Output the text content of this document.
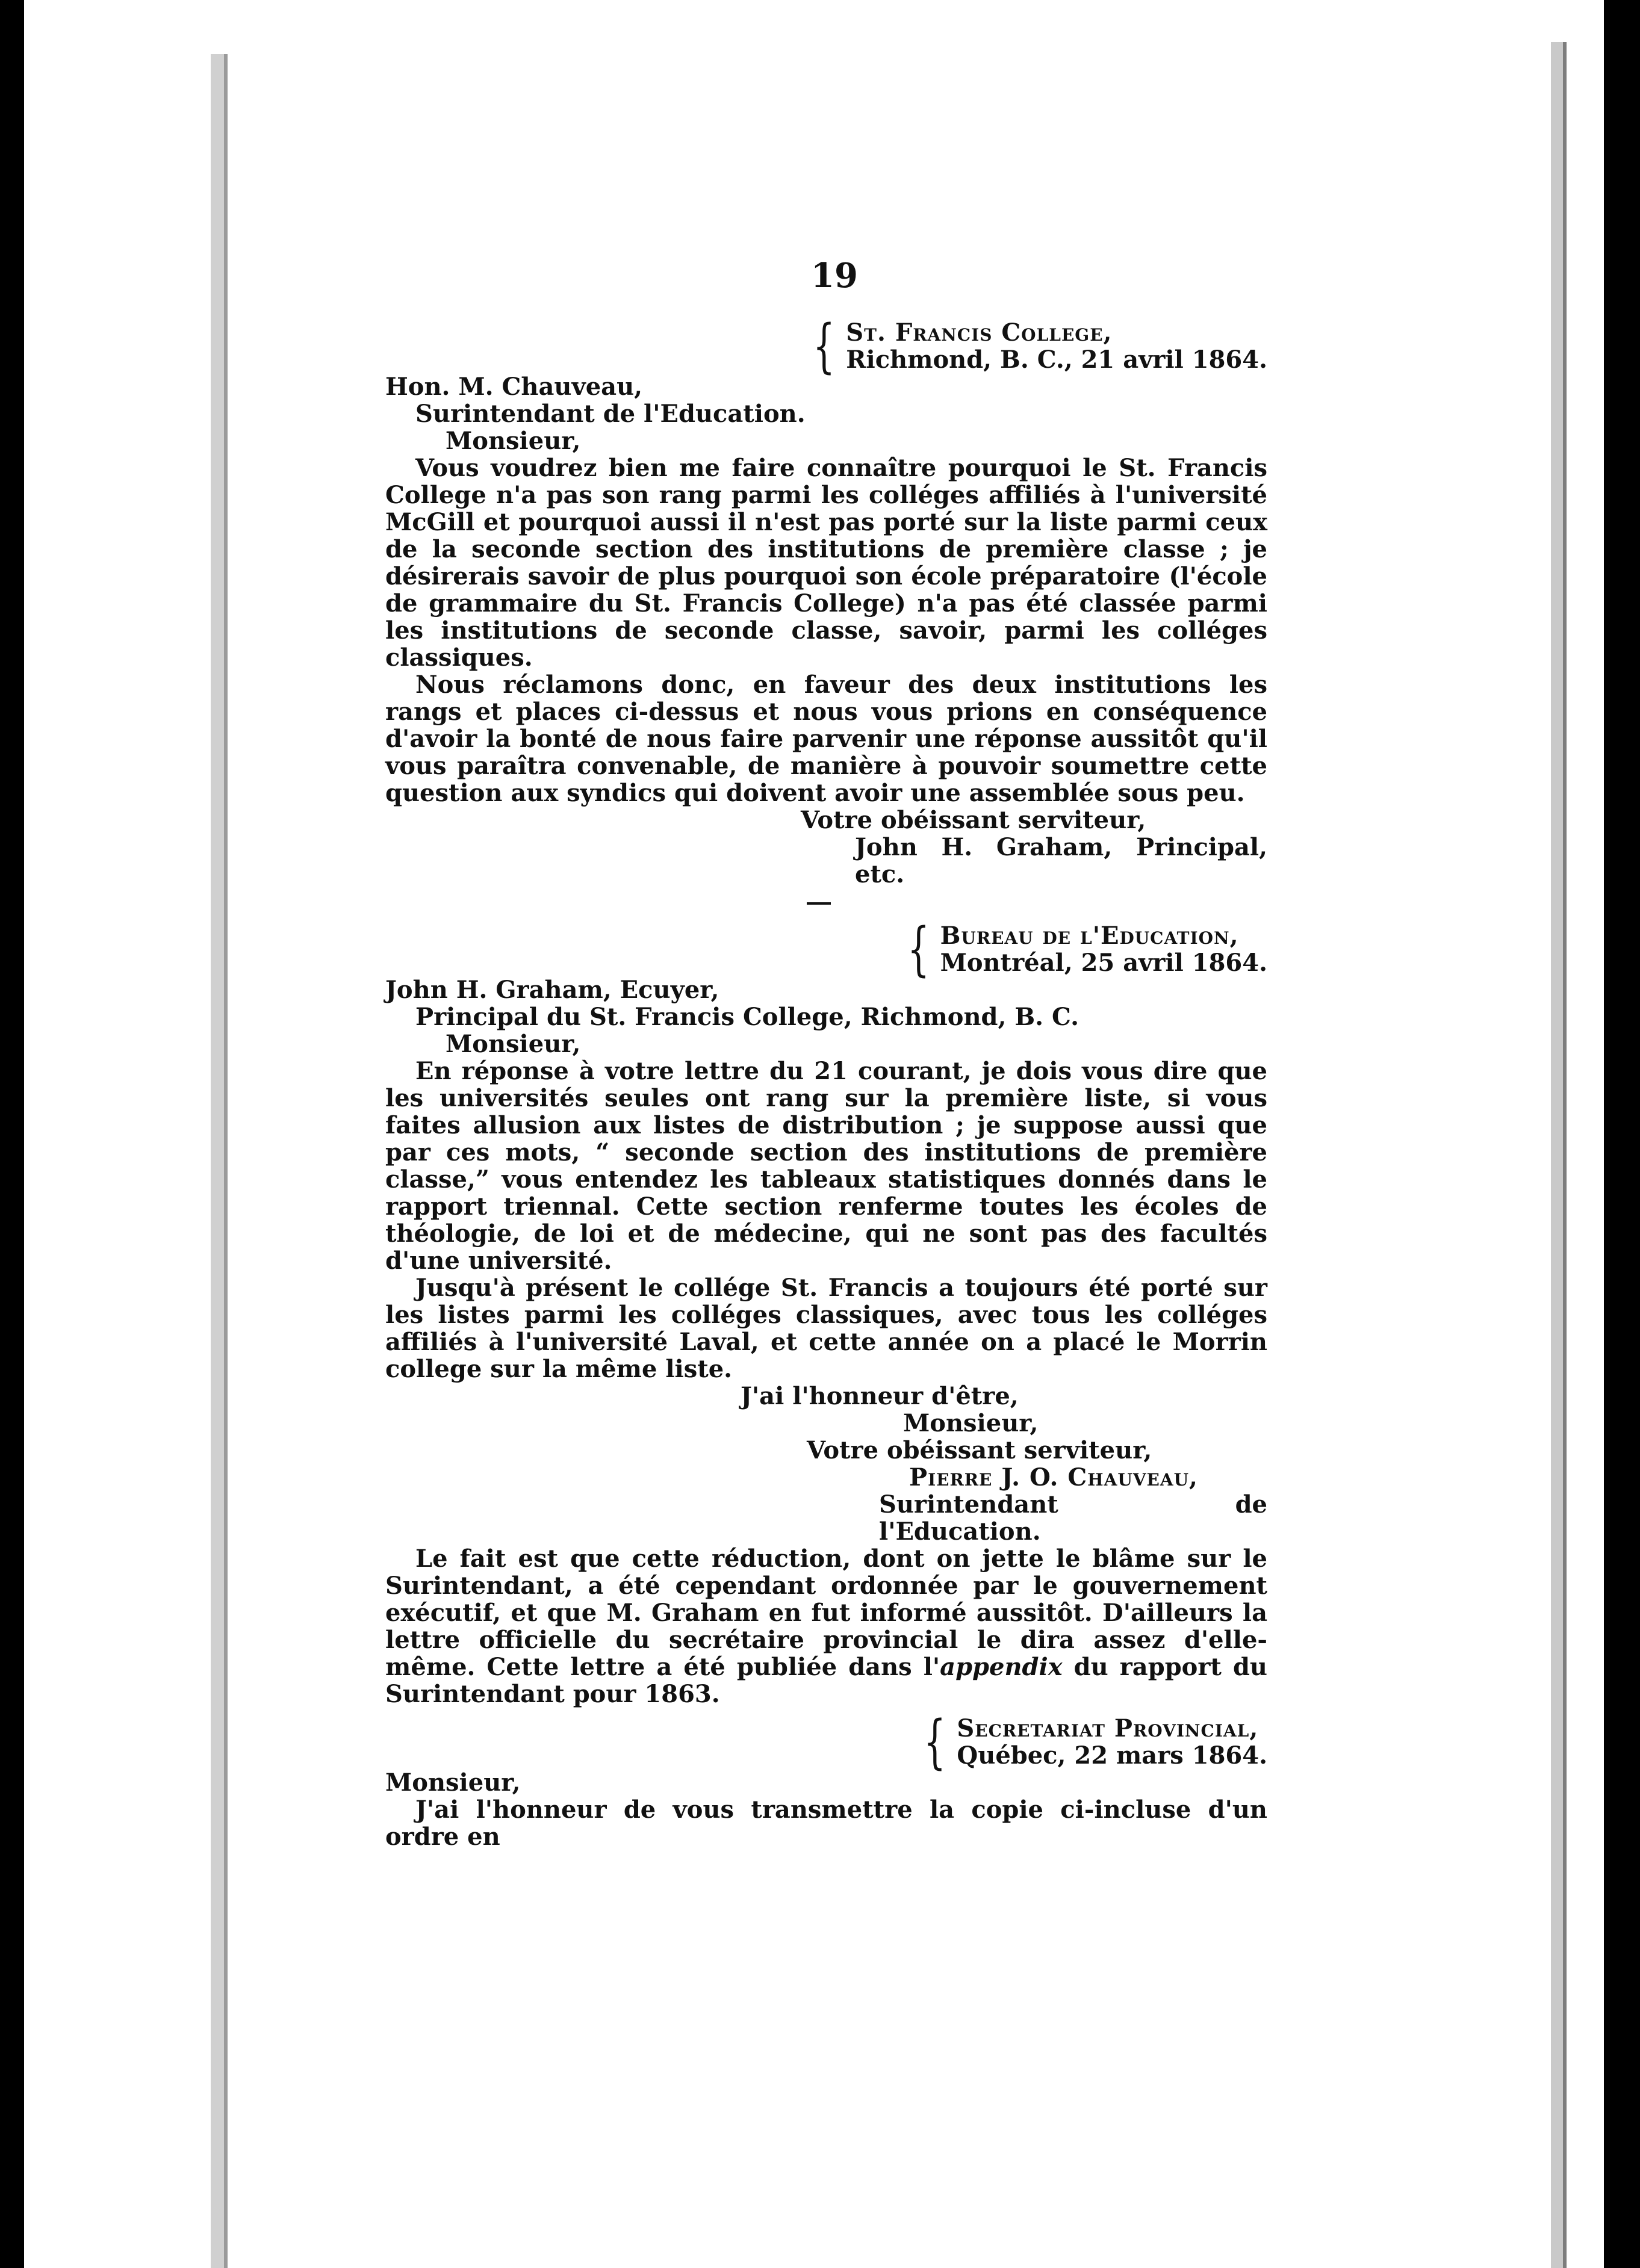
19
{ St. Francis College,
Richmond, B. C., 21 avril 1864.
Hon. M. Chauveau,
Surintendant de l'Education.
Monsieur,

Vous voudrez bien me faire connaître pourquoi le St. Francis College n'a pas son rang parmi les colléges affiliés à l'université McGill et pourquoi aussi il n'est pas porté sur la liste parmi ceux de la seconde section des institutions de première classe ; je désirerais savoir de plus pourquoi son école préparatoire (l'école de grammaire du St. Francis College) n'a pas été classée parmi les institutions de seconde classe, savoir, parmi les colléges classiques.

Nous réclamons donc, en faveur des deux institutions les rangs et places ci-dessus et nous vous prions en conséquence d'avoir la bonté de nous faire parvenir une réponse aussitôt qu'il vous paraîtra convenable, de manière à pouvoir soumettre cette question aux syndics qui doivent avoir une assemblée sous peu.

Votre obéissant serviteur,
John H. Graham, Principal, etc.
{ Bureau de l'Education,
Montréal, 25 avril 1864.
John H. Graham, Ecuyer,
Principal du St. Francis College, Richmond, B. C.
Monsieur,

En réponse à votre lettre du 21 courant, je dois vous dire que les universités seules ont rang sur la première liste, si vous faites allusion aux listes de distribution ; je suppose aussi que par ces mots, “ seconde section des institutions de première classe,” vous entendez les tableaux statistiques donnés dans le rapport triennal. Cette section renferme toutes les écoles de théologie, de loi et de médecine, qui ne sont pas des facultés d'une université.

Jusqu'à présent le collége St. Francis a toujours été porté sur les listes parmi les colléges classiques, avec tous les colléges affiliés à l'université Laval, et cette année on a placé le Morrin college sur la même liste.

J'ai l'honneur d'être,
Monsieur,
Votre obéissant serviteur,
Pierre J. O. Chauveau,
Surintendant de l'Education.

Le fait est que cette réduction, dont on jette le blâme sur le Surintendant, a été cependant ordonnée par le gouvernement exécutif, et que M. Graham en fut informé aussitôt. D'ailleurs la lettre officielle du secrétaire provincial le dira assez d'elle-même. Cette lettre a été publiée dans l'appendix du rapport du Surintendant pour 1863.

{ Secretariat Provincial,
Québec, 22 mars 1864.
Monsieur,

J'ai l'honneur de vous transmettre la copie ci-incluse d'un ordre en
